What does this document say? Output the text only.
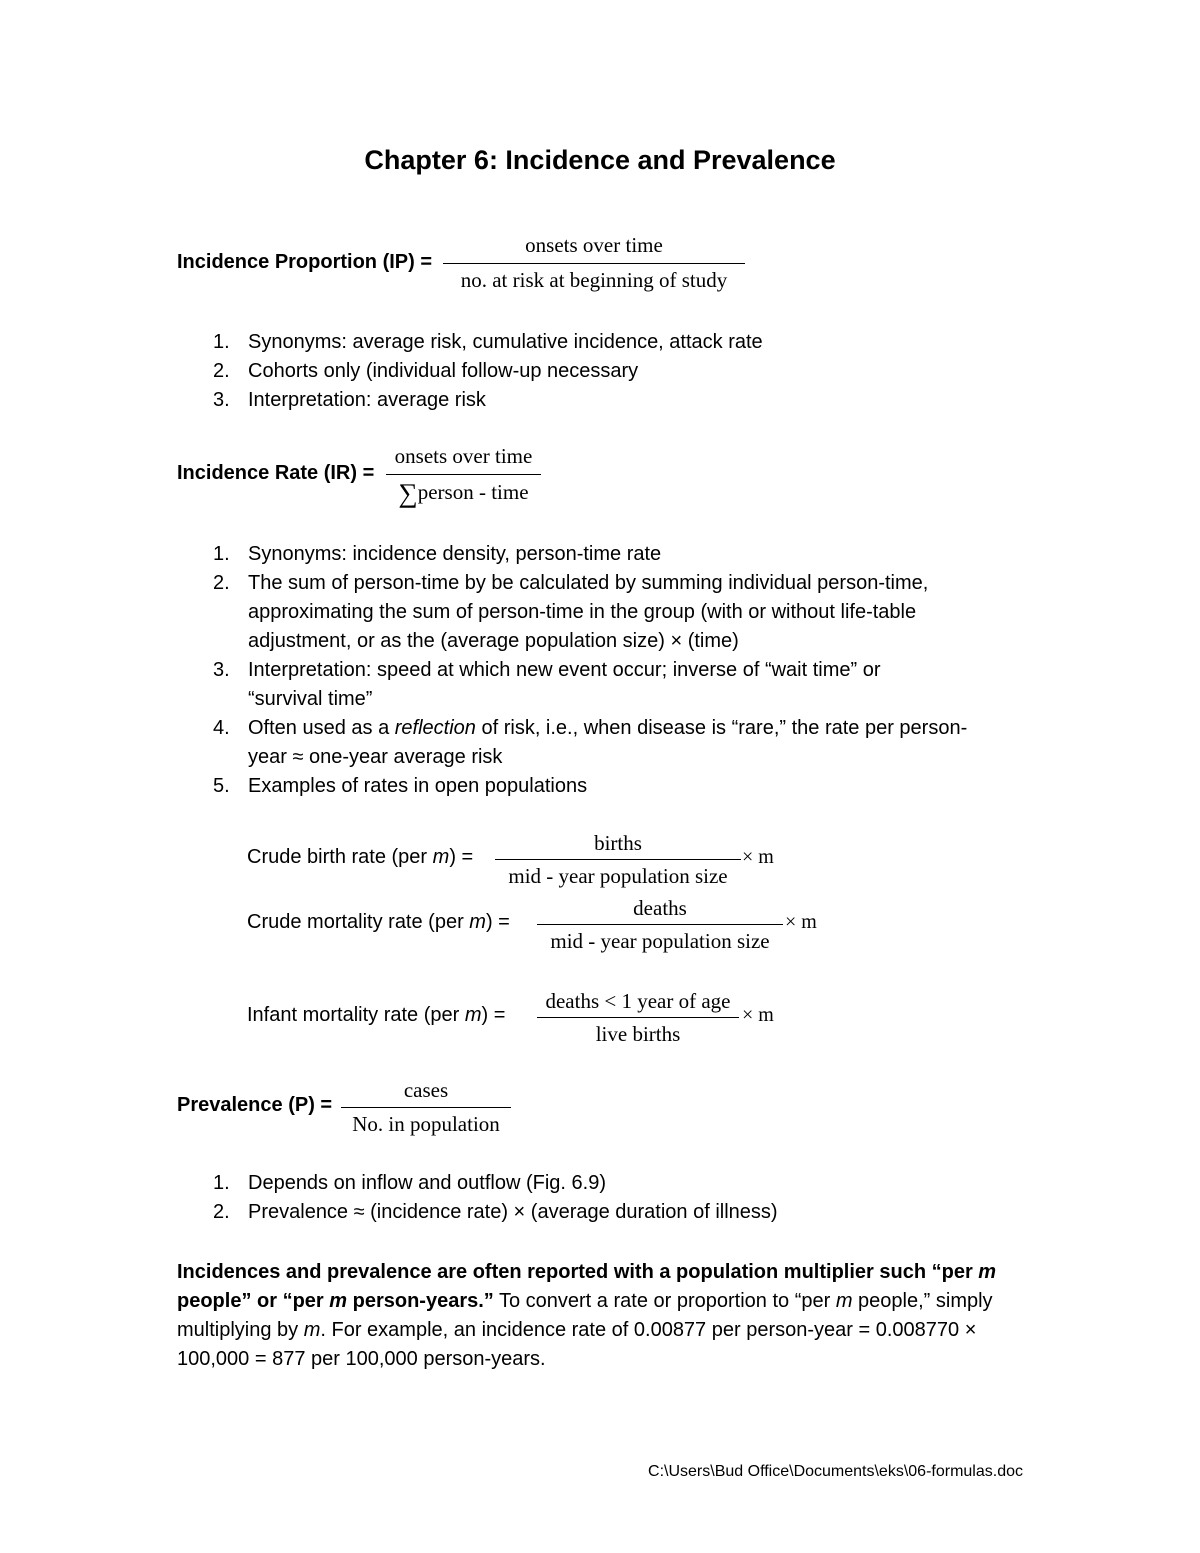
Chapter 6: Incidence and Prevalence
Incidence Proportion (IP) =
onsets over time
no. at risk at beginning of study
1. Synonyms: average risk, cumulative incidence, attack rate
2. Cohorts only (individual follow-up necessary
3. Interpretation: average risk
Incidence Rate (IR) =
onsets over time
∑person - time
1. Synonyms: incidence density, person-time rate
2. The sum of person-time by be calculated by summing individual person-time,
approximating the sum of person-time in the group (with or without life-table
adjustment, or as the (average population size) × (time)
3. Interpretation: speed at which new event occur; inverse of “wait time” or
“survival time”
4. Often used as a reflection of risk, i.e., when disease is “rare,” the rate per person-
year ≈ one-year average risk
5. Examples of rates in open populations
Crude birth rate (per m) =
births
mid - year population size
× m
Crude mortality rate (per m) =
deaths
mid - year population size
× m
Infant mortality rate (per m) =
deaths < 1 year of age
live births
× m
Prevalence (P) =
cases
No. in population
1. Depends on inflow and outflow (Fig. 6.9)
2. Prevalence ≈ (incidence rate) × (average duration of illness)
Incidences and prevalence are often reported with a population multiplier such “per m people” or “per m person-years.” To convert a rate or proportion to “per m people,” simply multiplying by m. For example, an incidence rate of 0.00877 per person-year = 0.008770 × 100,000 = 877 per 100,000 person-years.
C:\Users\Bud Office\Documents\eks\06-formulas.doc
